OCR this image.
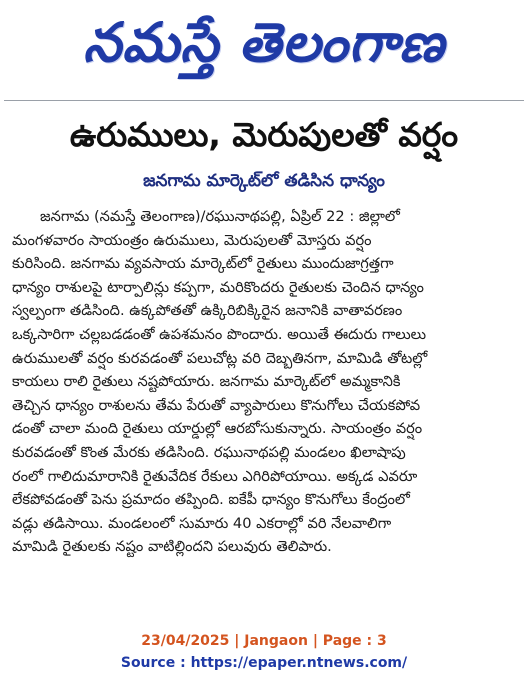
నమస్తే తెలంగాణ
ఉరుములు, మెరుపులతో వర్షం
జనగామ మార్కెట్‌లో తడిసిన ధాన్యం
జనగామ (నమస్తే తెలంగాణ)/రఘునాథపల్లి, ఏప్రిల్ 22 : జిల్లాలో
మంగళవారం సాయంత్రం ఉరుములు, మెరుపులతో మోస్తరు వర్షం
కురిసింది. జనగామ వ్యవసాయ మార్కెట్‌లో రైతులు ముందుజాగ్రత్తగా
ధాన్యం రాశులపై టార్పాలిన్లు కప్పగా, మరికొందరు రైతులకు చెందిన ధాన్యం
స్వల్పంగా తడిసింది. ఉక్కపోతతో ఉక్కిరిబిక్కిరైన జనానికి వాతావరణం
ఒక్కసారిగా చల్లబడడంతో ఉపశమనం పొందారు. అయితే ఈదురు గాలులు
ఉరుములతో వర్షం కురవడంతో పలుచోట్ల వరి దెబ్బతినగా, మామిడి తోటల్లో
కాయలు రాలి రైతులు నష్టపోయారు. జనగామ మార్కెట్‌లో అమ్మకానికి
తెచ్చిన ధాన్యం రాశులను తేమ పేరుతో వ్యాపారులు కొనుగోలు చేయకపోవ
డంతో చాలా మంది రైతులు యార్డుల్లో ఆరబోసుకున్నారు. సాయంత్రం వర్షం
కురవడంతో కొంత మేరకు తడిసింది. రఘునాథపల్లి మండలం ఖిలాషాపు
రంలో గాలిదుమారానికి రైతువేదిక రేకులు ఎగిరిపోయాయి. అక్కడ ఎవరూ
లేకపోవడంతో పెను ప్రమాదం తప్పింది. ఐకేపీ ధాన్యం కొనుగోలు కేంద్రంలో
వడ్లు తడిసాయి. మండలంలో సుమారు 40 ఎకరాల్లో వరి నేలవాలిగా
మామిడి రైతులకు నష్టం వాటిల్లిందని పలువురు తెలిపారు.
23/04/2025 | Jangaon | Page : 3
Source : https://epaper.ntnews.com/
